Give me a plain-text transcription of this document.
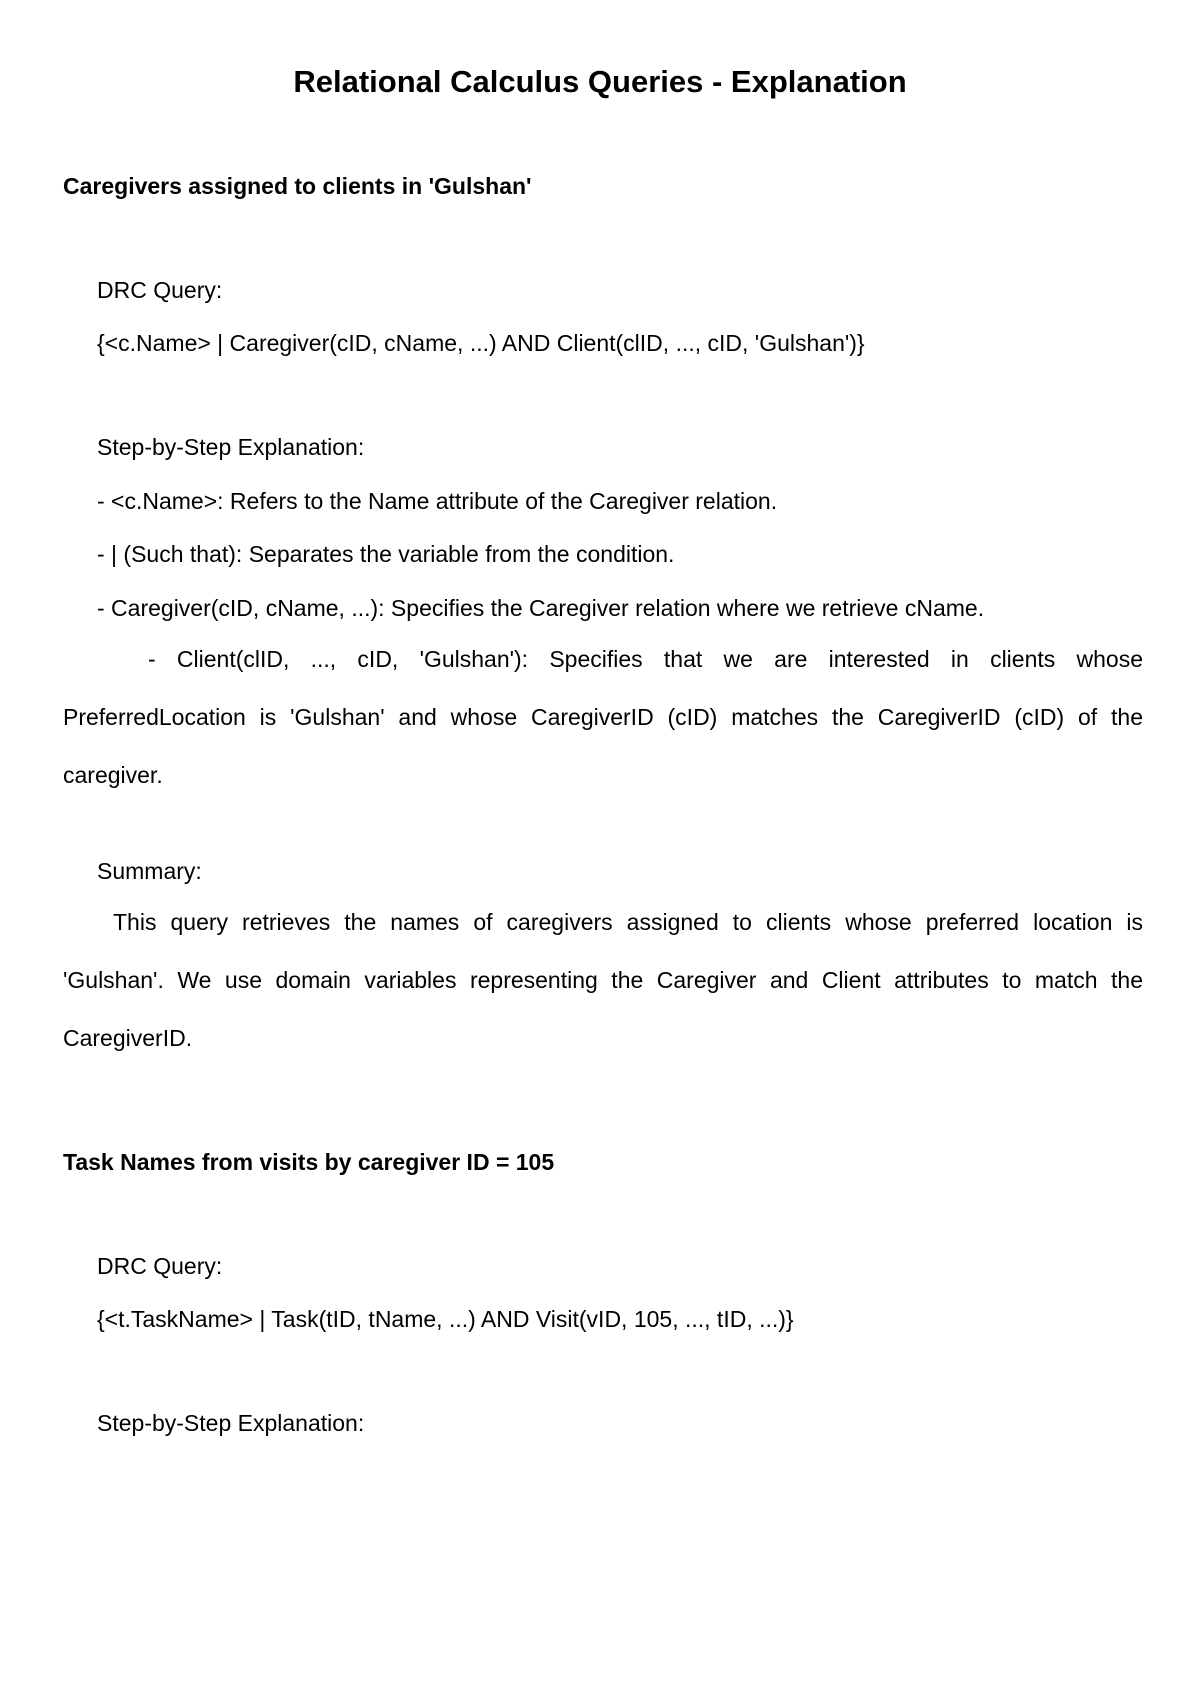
Relational Calculus Queries - Explanation
Caregivers assigned to clients in 'Gulshan'

DRC Query:

{<c.Name> | Caregiver(cID, cName, ...) AND Client(clID, ..., cID, 'Gulshan')}

Step-by-Step Explanation:

- <c.Name>: Refers to the Name attribute of the Caregiver relation.

- | (Such that): Separates the variable from the condition.

- Caregiver(cID, cName, ...): Specifies the Caregiver relation where we retrieve cName.

- Client(clID, ..., cID, 'Gulshan'): Specifies that we are interested in clients whose PreferredLocation is 'Gulshan' and whose CaregiverID (cID) matches the CaregiverID (cID) of the caregiver.

Summary:

This query retrieves the names of caregivers assigned to clients whose preferred location is 'Gulshan'. We use domain variables representing the Caregiver and Client attributes to match the CaregiverID.

Task Names from visits by caregiver ID = 105

DRC Query:

{<t.TaskName> | Task(tID, tName, ...) AND Visit(vID, 105, ..., tID, ...)}

Step-by-Step Explanation:
